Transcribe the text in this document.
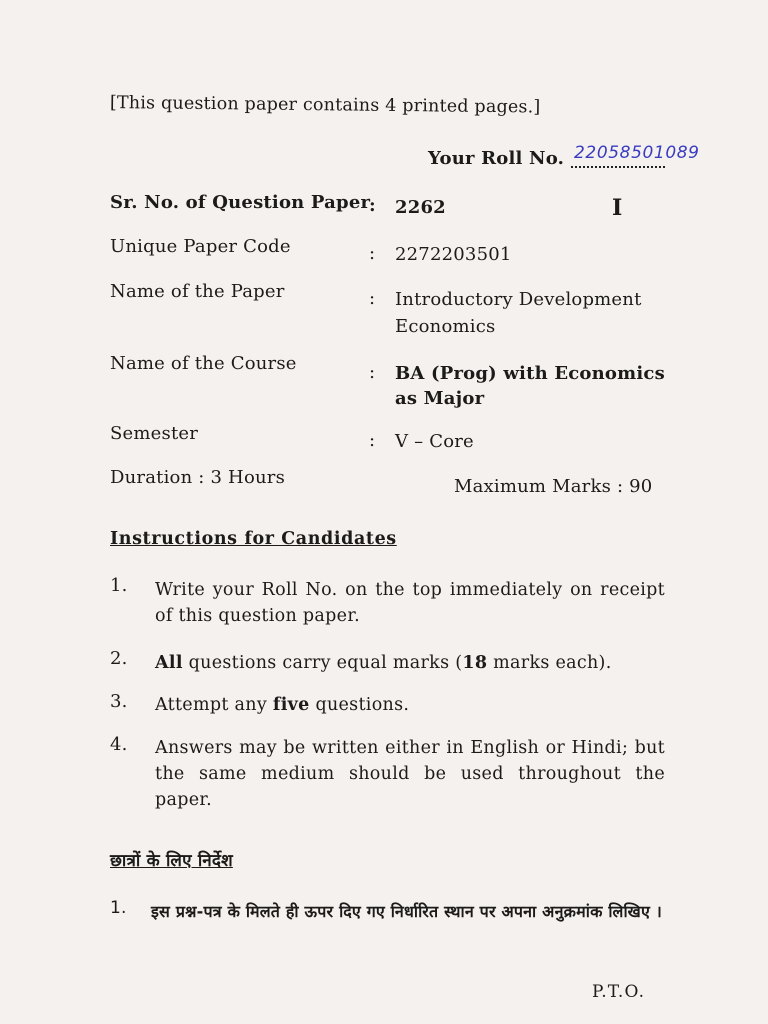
[This question paper contains 4 printed pages.]
Your Roll No. 22058501089
Sr. No. of Question Paper
: 2262	I
Unique Paper Code	: 2272203501
Name of the Paper	: Introductory Development
Economics
Name of the Course	: BA (Prog) with Economics
as Major
Semester	: V – Core
Duration : 3 Hours	Maximum Marks : 90
Instructions for Candidates
1. Write your Roll No. on the top immediately on receipt of this question paper.
2. All questions carry equal marks (18 marks each).
3. Attempt any five questions.
4. Answers may be written either in English or Hindi; but the same medium should be used throughout the paper.
छात्रों के लिए निर्देश
1. इस प्रश्न-पत्र के मिलते ही ऊपर दिए गए निर्धारित स्थान पर अपना अनुक्रमांक लिखिए ।
P.T.O.
